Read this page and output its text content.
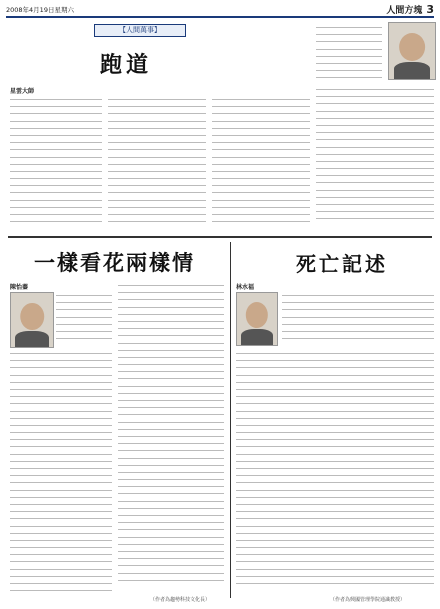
2008年4月19日星期六	人間方塊 3
【人間萬事】
跑道
星雲大師
一樣看花兩樣情
陳怡蓁
（作者為趨勢科技文化長）
死亡記述
林水福
（作者為興國管理學院通識教授）
